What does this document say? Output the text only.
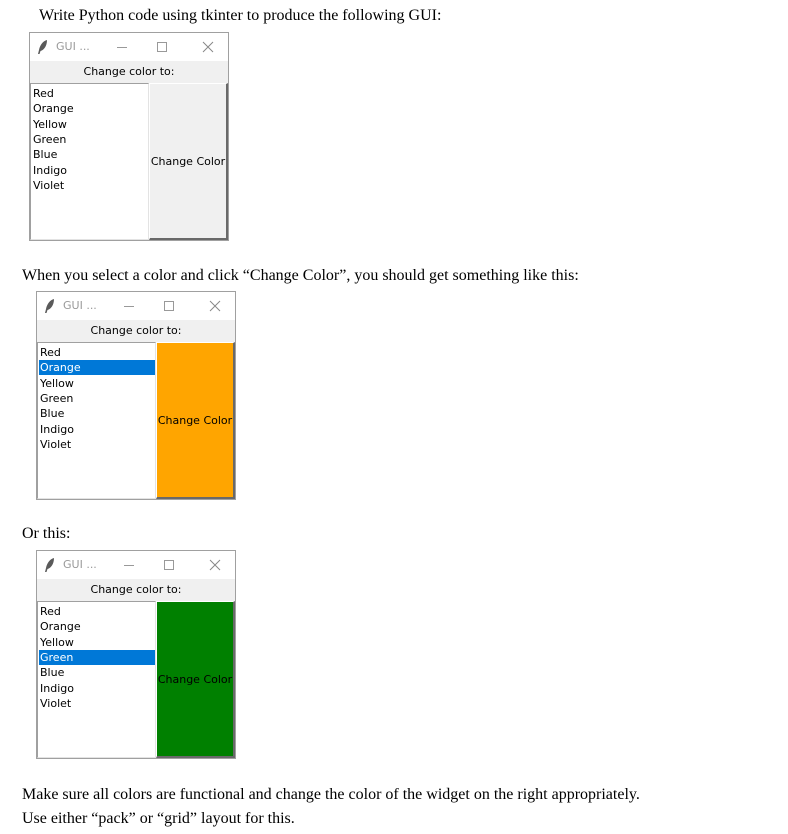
Write Python code using tkinter to produce the following GUI:

GUI ...
Change color to:
Red
Orange
Yellow
Green
Blue
Indigo
Violet
Change Color

When you select a color and click “Change Color”, you should get something like this:

GUI ...
Change color to:
Red
Orange
Yellow
Green
Blue
Indigo
Violet
Change Color

Or this:

GUI ...
Change color to:
Red
Orange
Yellow
Green
Blue
Indigo
Violet
Change Color

Make sure all colors are functional and change the color of the widget on the right appropriately.

Use either “pack” or “grid” layout for this.
